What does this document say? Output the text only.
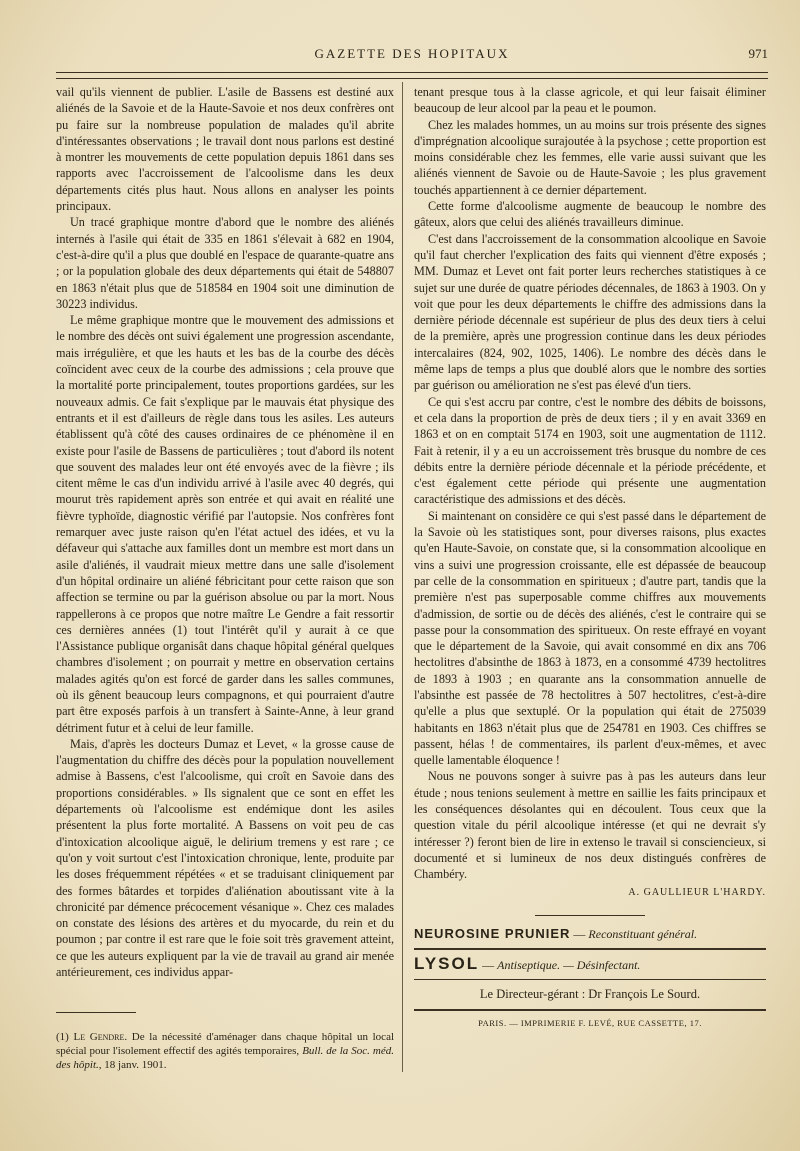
GAZETTE DES HOPITAUX	971

vail qu'ils viennent de publier. L'asile de Bassens est destiné aux aliénés de la Savoie et de la Haute-Savoie et nos deux confrères ont pu faire sur la nombreuse population de malades qu'il abrite d'intéressantes observations ; le travail dont nous parlons est destiné à montrer les mouvements de cette population depuis 1861 dans ses rapports avec l'accroissement de l'alcoolisme dans les deux départements cités plus haut. Nous allons en analyser les points principaux.

Un tracé graphique montre d'abord que le nombre des aliénés internés à l'asile qui était de 335 en 1861 s'élevait à 682 en 1904, c'est-à-dire qu'il a plus que doublé en l'espace de quarante-quatre ans ; or la population globale des deux départements qui était de 548807 en 1863 n'était plus que de 518584 en 1904 soit une diminution de 30223 individus.

Le même graphique montre que le mouvement des admissions et le nombre des décès ont suivi également une progression ascendante, mais irrégulière, et que les hauts et les bas de la courbe des décès coïncident avec ceux de la courbe des admissions ; cela prouve que la mortalité porte principalement, toutes proportions gardées, sur les nouveaux admis. Ce fait s'explique par le mauvais état physique des entrants et il est d'ailleurs de règle dans tous les asiles. Les auteurs établissent qu'à côté des causes ordinaires de ce phénomène il en existe pour l'asile de Bassens de particulières ; tout d'abord ils notent que souvent des malades leur ont été envoyés avec de la fièvre ; ils citent même le cas d'un individu arrivé à l'asile avec 40 degrés, qui mourut très rapidement après son entrée et qui avait en réalité une fièvre typhoïde, diagnostic vérifié par l'autopsie. Nos confrères font remarquer avec juste raison qu'en l'état actuel des idées, et vu la défaveur qui s'attache aux familles dont un membre est mort dans un asile d'aliénés, il vaudrait mieux mettre dans une salle d'isolement d'un hôpital ordinaire un aliéné fébricitant pour cette raison que son affection se termine ou par la guérison absolue ou par la mort. Nous rappellerons à ce propos que notre maître Le Gendre a fait ressortir ces dernières années (1) tout l'intérêt qu'il y aurait à ce que l'Assistance publique organisât dans chaque hôpital général quelques chambres d'isolement ; on pourrait y mettre en observation certains malades agités qu'on est forcé de garder dans les salles communes, où ils gênent beaucoup leurs compagnons, et qui pourraient d'autre part être exposés parfois à un transfert à Sainte-Anne, à leur grand détriment futur et à celui de leur famille.

Mais, d'après les docteurs Dumaz et Levet, « la grosse cause de l'augmentation du chiffre des décès pour la population nouvellement admise à Bassens, c'est l'alcoolisme, qui croît en Savoie dans des proportions considérables. » Ils signalent que ce sont en effet les départements où l'alcoolisme est endémique dont les asiles présentent la plus forte mortalité. A Bassens on voit peu de cas d'intoxication alcoolique aiguë, le delirium tremens y est rare ; ce qu'on y voit surtout c'est l'intoxication chronique, lente, produite par les doses fréquemment répétées « et se traduisant cliniquement par des formes bâtardes et torpides d'aliénation aboutissant vite à la chronicité par démence précocement vésanique ». Chez ces malades on constate des lésions des artères et du myocarde, du rein et du poumon ; par contre il est rare que le foie soit très gravement atteint, ce que les auteurs expliquent par la vie de travail au grand air menée antérieurement, ces individus appar-

(1) Le Gendre. De la nécessité d'aménager dans chaque hôpital un local spécial pour l'isolement effectif des agités temporaires, Bull. de la Soc. méd. des hôpit., 18 janv. 1901.

tenant presque tous à la classe agricole, et qui leur faisait éliminer beaucoup de leur alcool par la peau et le poumon.

Chez les malades hommes, un au moins sur trois présente des signes d'imprégnation alcoolique surajoutée à la psychose ; cette proportion est moins considérable chez les femmes, elle varie aussi suivant que les aliénés viennent de Savoie ou de Haute-Savoie ; les plus gravement touchés appartiennent à ce dernier département.

Cette forme d'alcoolisme augmente de beaucoup le nombre des gâteux, alors que celui des aliénés travailleurs diminue.

C'est dans l'accroissement de la consommation alcoolique en Savoie qu'il faut chercher l'explication des faits qui viennent d'être exposés ; MM. Dumaz et Levet ont fait porter leurs recherches statistiques à ce sujet sur une durée de quatre périodes décennales, de 1863 à 1903. On y voit que pour les deux départements le chiffre des admissions dans la dernière période décennale est supérieur de plus des deux tiers à celui de la première, après une progression continue dans les deux périodes intercalaires (824, 902, 1025, 1406). Le nombre des décès dans le même laps de temps a plus que doublé alors que le nombre des sorties par guérison ou amélioration ne s'est pas élevé d'un tiers.

Ce qui s'est accru par contre, c'est le nombre des débits de boissons, et cela dans la proportion de près de deux tiers ; il y en avait 3369 en 1863 et on en comptait 5174 en 1903, soit une augmentation de 1112. Fait à retenir, il y a eu un accroissement très brusque du nombre de ces débits entre la dernière période décennale et la période précédente, et c'est également cette période qui présente une augmentation caractéristique des admissions et des décès.

Si maintenant on considère ce qui s'est passé dans le département de la Savoie où les statistiques sont, pour diverses raisons, plus exactes qu'en Haute-Savoie, on constate que, si la consommation alcoolique en vins a suivi une progression croissante, elle est dépassée de beaucoup par celle de la consommation en spiritueux ; d'autre part, tandis que la première n'est pas superposable comme chiffres aux mouvements d'admission, de sortie ou de décès des aliénés, c'est le contraire qui se passe pour la consommation des spiritueux. On reste effrayé en voyant que le département de la Savoie, qui avait consommé en dix ans 706 hectolitres d'absinthe de 1863 à 1873, en a consommé 4739 hectolitres de 1893 à 1903 ; en quarante ans la consommation annuelle de l'absinthe est passée de 78 hectolitres à 507 hectolitres, c'est-à-dire qu'elle a plus que sextuplé. Or la population qui était de 275039 habitants en 1863 n'était plus que de 254781 en 1903. Ces chiffres se passent, hélas ! de commentaires, ils parlent d'eux-mêmes, et avec quelle lamentable éloquence !

Nous ne pouvons songer à suivre pas à pas les auteurs dans leur étude ; nous tenions seulement à mettre en saillie les faits principaux et les conséquences désolantes qui en découlent. Tous ceux que la question vitale du péril alcoolique intéresse (et qui ne devrait s'y intéresser ?) feront bien de lire in extenso le travail si consciencieux, si documenté et si lumineux de nos deux distingués confrères de Chambéry.

A. GAULLIEUR L'HARDY.
NEUROSINE PRUNIER — Reconstituant général.
LYSOL — Antiseptique. — Désinfectant.
Le Directeur-gérant : Dr François Le Sourd.
PARIS. — IMPRIMERIE F. LEVÉ, RUE CASSETTE, 17.
